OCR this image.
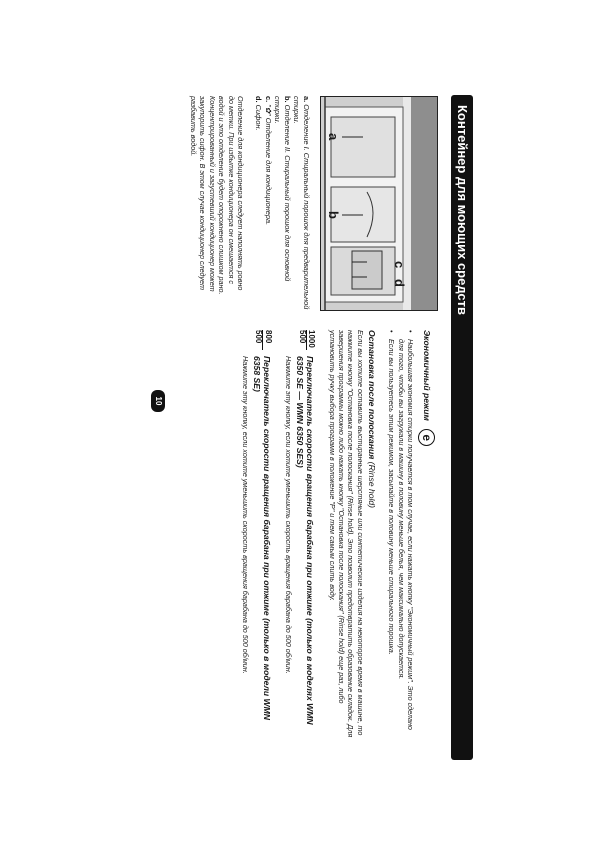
Контейнер для моющих средств
c
d
b
a
a. Отделение I. Стиральный порошок для предварительной стирки.
b. Отделение II. Стиральный порошок для основной стирки.
c. "✿" Отделение для кондиционера.
d. Сифон.
Отделение для кондиционера следует наполнять ровно до метки. При избытке кондиционера он смешается с водой и это отделение будет опорожнено слишком рано. Концентрированный и загустевший кондиционер может закупорить сифон. В этом случае кондиционер следует разбавить водой.
Экономичный режим e
• Наибольшая экономия стирки получается в том случае, если нажать кнопку "Экономичный режим". Это сделано для того, чтобы вы загружали в машину в половину меньше белья, чем максимально допускается.
• Если вы пользуетесь этим режимом, засыпайте в половину меньше стирального порошка.
Остановка после полоскания (Rinse hold)
Если вы хотите оставить выстиранные шерстяные или синтетические изделия на некоторое время в машине, то нажмите кнопку "Остановка после полоскания" (Rinse hold). Это позволит предотвратить образование складок. Для завершения программы можно либо нажать кнопку "Остановка после полоскания" (Rinse hold) еще раз, либо установить ручку выбора программ в положение "P" и тем самым слить воду.
1000
500
Переключатель скорости вращения барабана при отжиме (только в моделях WMN 6350 SE — WMN 6350 SES)
Нажмите эту кнопку, если хотите уменьшить скорость вращения барабана до 500 об/мин.
800
500
Переключатель скорости вращения барабана при отжиме (только в модели WMN 6358 SE)
Нажмите эту кнопку, если хотите уменьшить скорость вращения барабана до 500 об/мин.
10
